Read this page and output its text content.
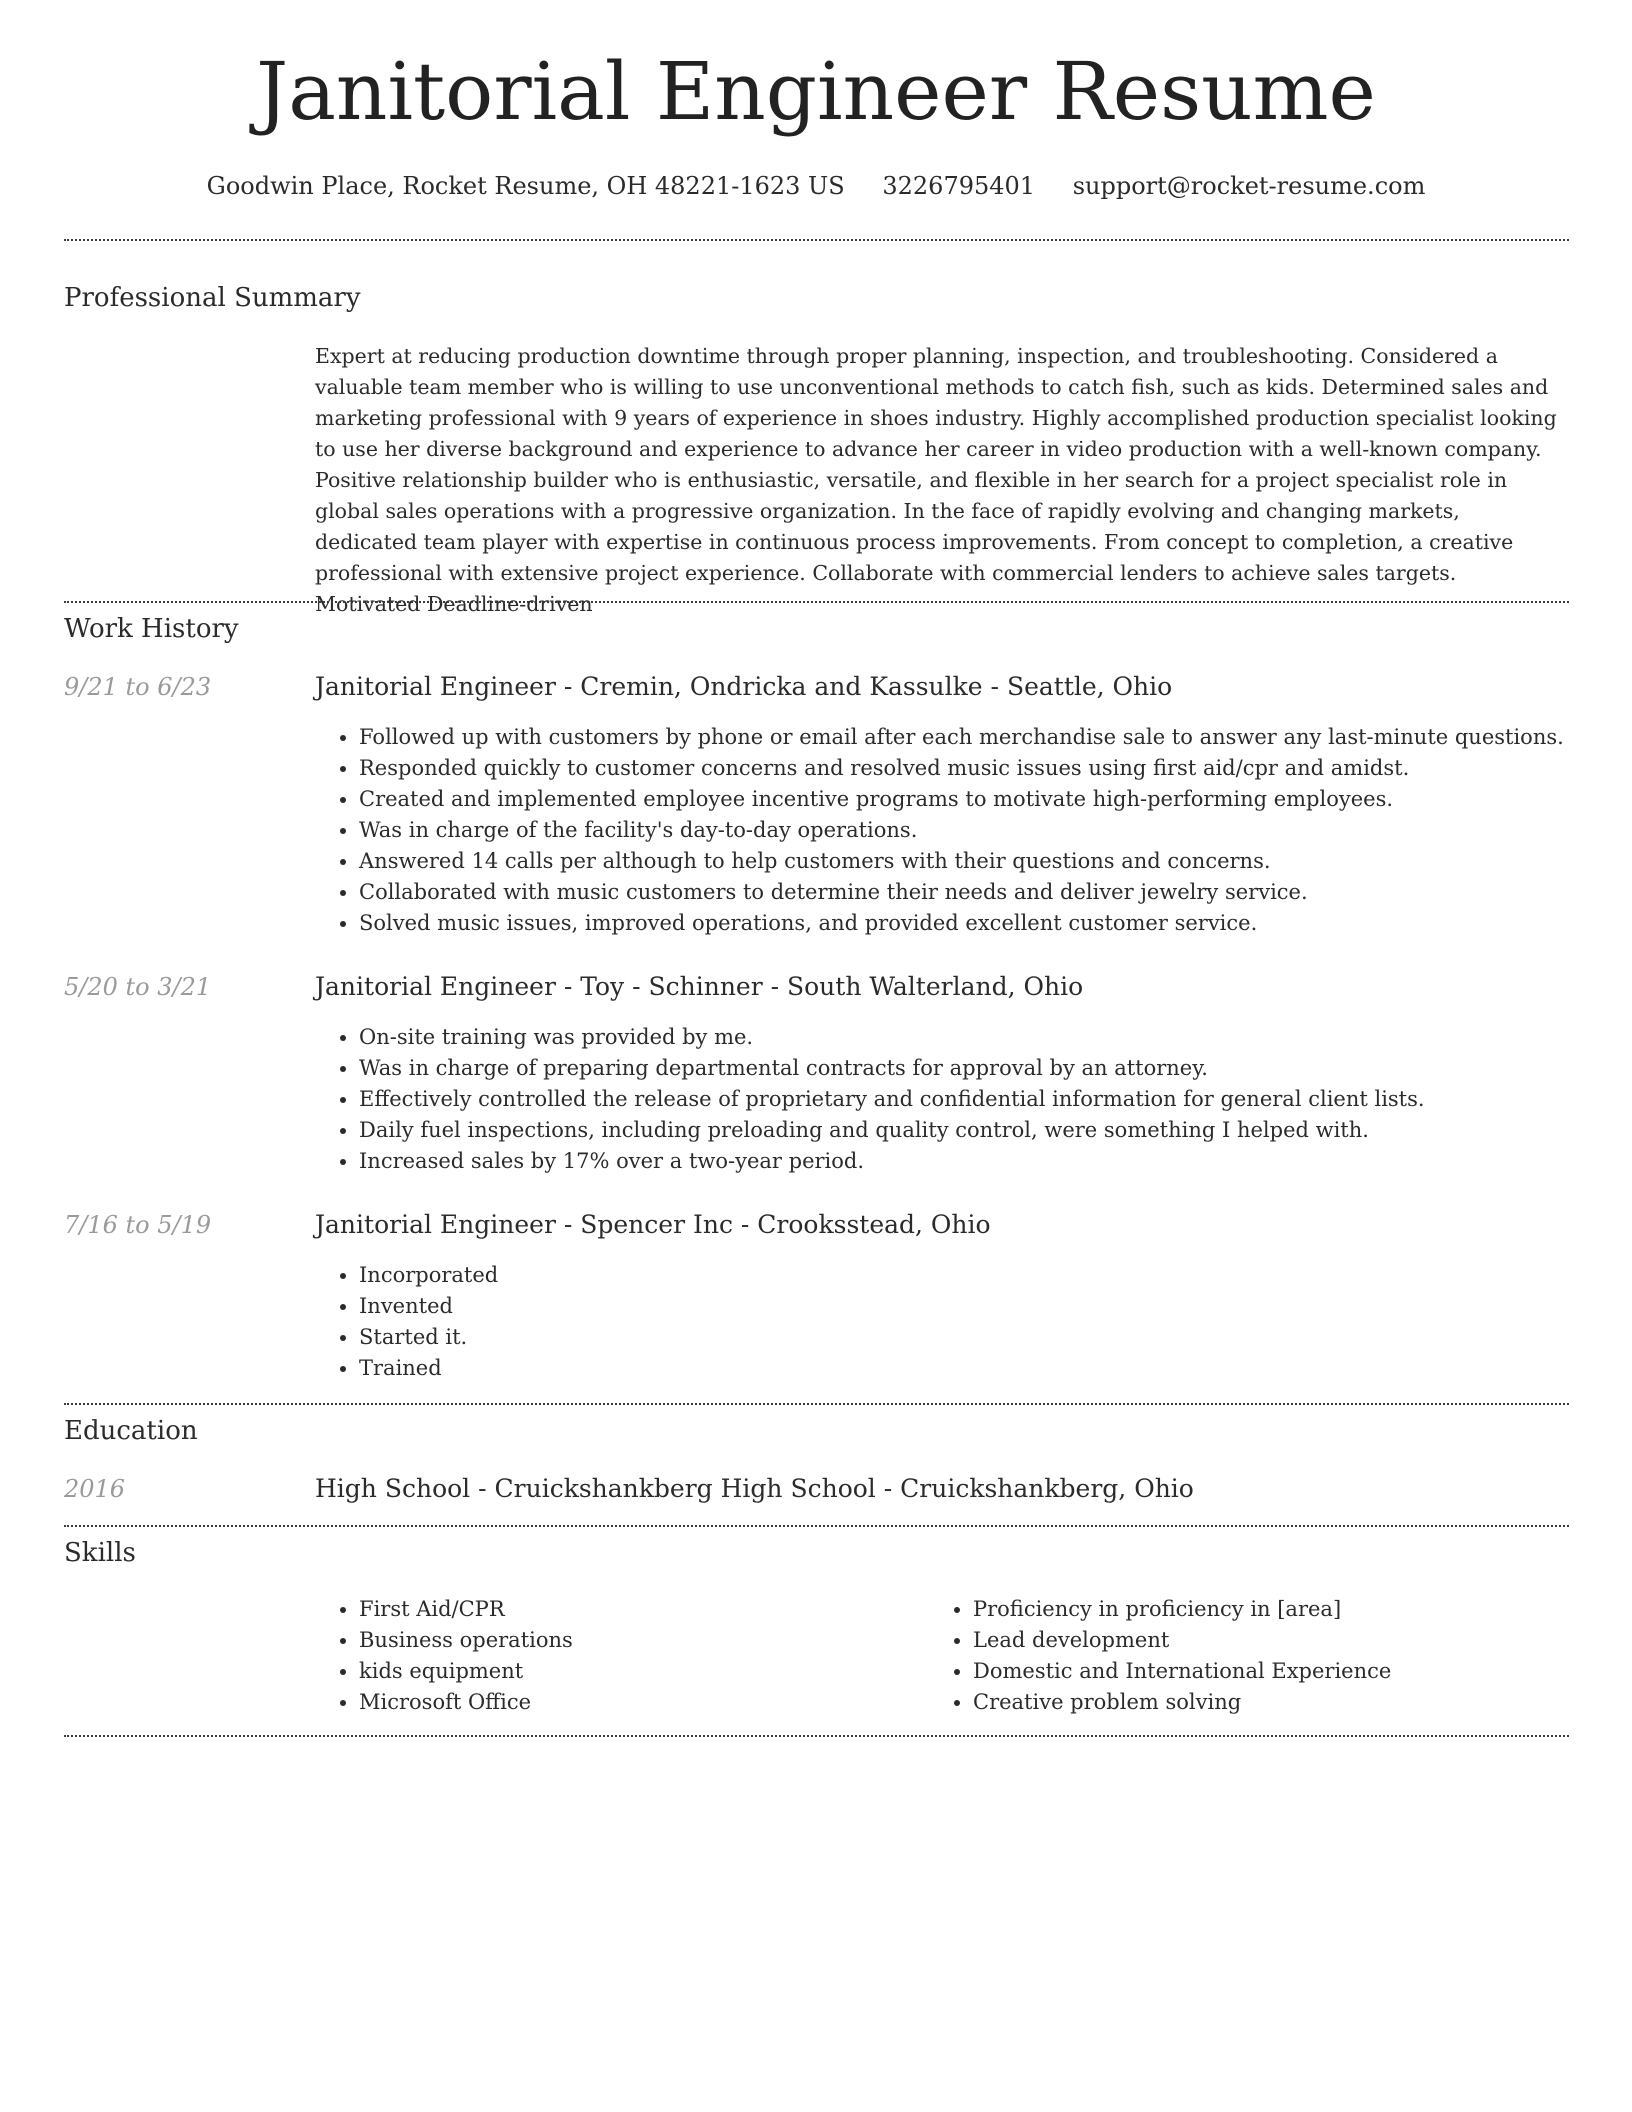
Janitorial Engineer Resume
Goodwin Place, Rocket Resume, OH 48221-1623 US 3226795401 support@rocket-resume.com
Professional Summary
Expert at reducing production downtime through proper planning, inspection, and troubleshooting. Considered a valuable team member who is willing to use unconventional methods to catch fish, such as kids. Determined sales and marketing professional with 9 years of experience in shoes industry. Highly accomplished production specialist looking to use her diverse background and experience to advance her career in video production with a well-known company. Positive relationship builder who is enthusiastic, versatile, and flexible in her search for a project specialist role in global sales operations with a progressive organization. In the face of rapidly evolving and changing markets, dedicated team player with expertise in continuous process improvements. From concept to completion, a creative professional with extensive project experience. Collaborate with commercial lenders to achieve sales targets. Motivated Deadline-driven
Work History
9/21 to 6/23	Janitorial Engineer - Cremin, Ondricka and Kassulke - Seattle, Ohio
• Followed up with customers by phone or email after each merchandise sale to answer any last-minute questions.
• Responded quickly to customer concerns and resolved music issues using first aid/cpr and amidst.
• Created and implemented employee incentive programs to motivate high-performing employees.
• Was in charge of the facility's day-to-day operations.
• Answered 14 calls per although to help customers with their questions and concerns.
• Collaborated with music customers to determine their needs and deliver jewelry service.
• Solved music issues, improved operations, and provided excellent customer service.
5/20 to 3/21	Janitorial Engineer - Toy - Schinner - South Walterland, Ohio
• On-site training was provided by me.
• Was in charge of preparing departmental contracts for approval by an attorney.
• Effectively controlled the release of proprietary and confidential information for general client lists.
• Daily fuel inspections, including preloading and quality control, were something I helped with.
• Increased sales by 17% over a two-year period.
7/16 to 5/19	Janitorial Engineer - Spencer Inc - Crooksstead, Ohio
• Incorporated
• Invented
• Started it.
• Trained
Education
2016	High School - Cruickshankberg High School - Cruickshankberg, Ohio
Skills
• First Aid/CPR
• Business operations
• kids equipment
• Microsoft Office
• Proficiency in proficiency in [area]
• Lead development
• Domestic and International Experience
• Creative problem solving
